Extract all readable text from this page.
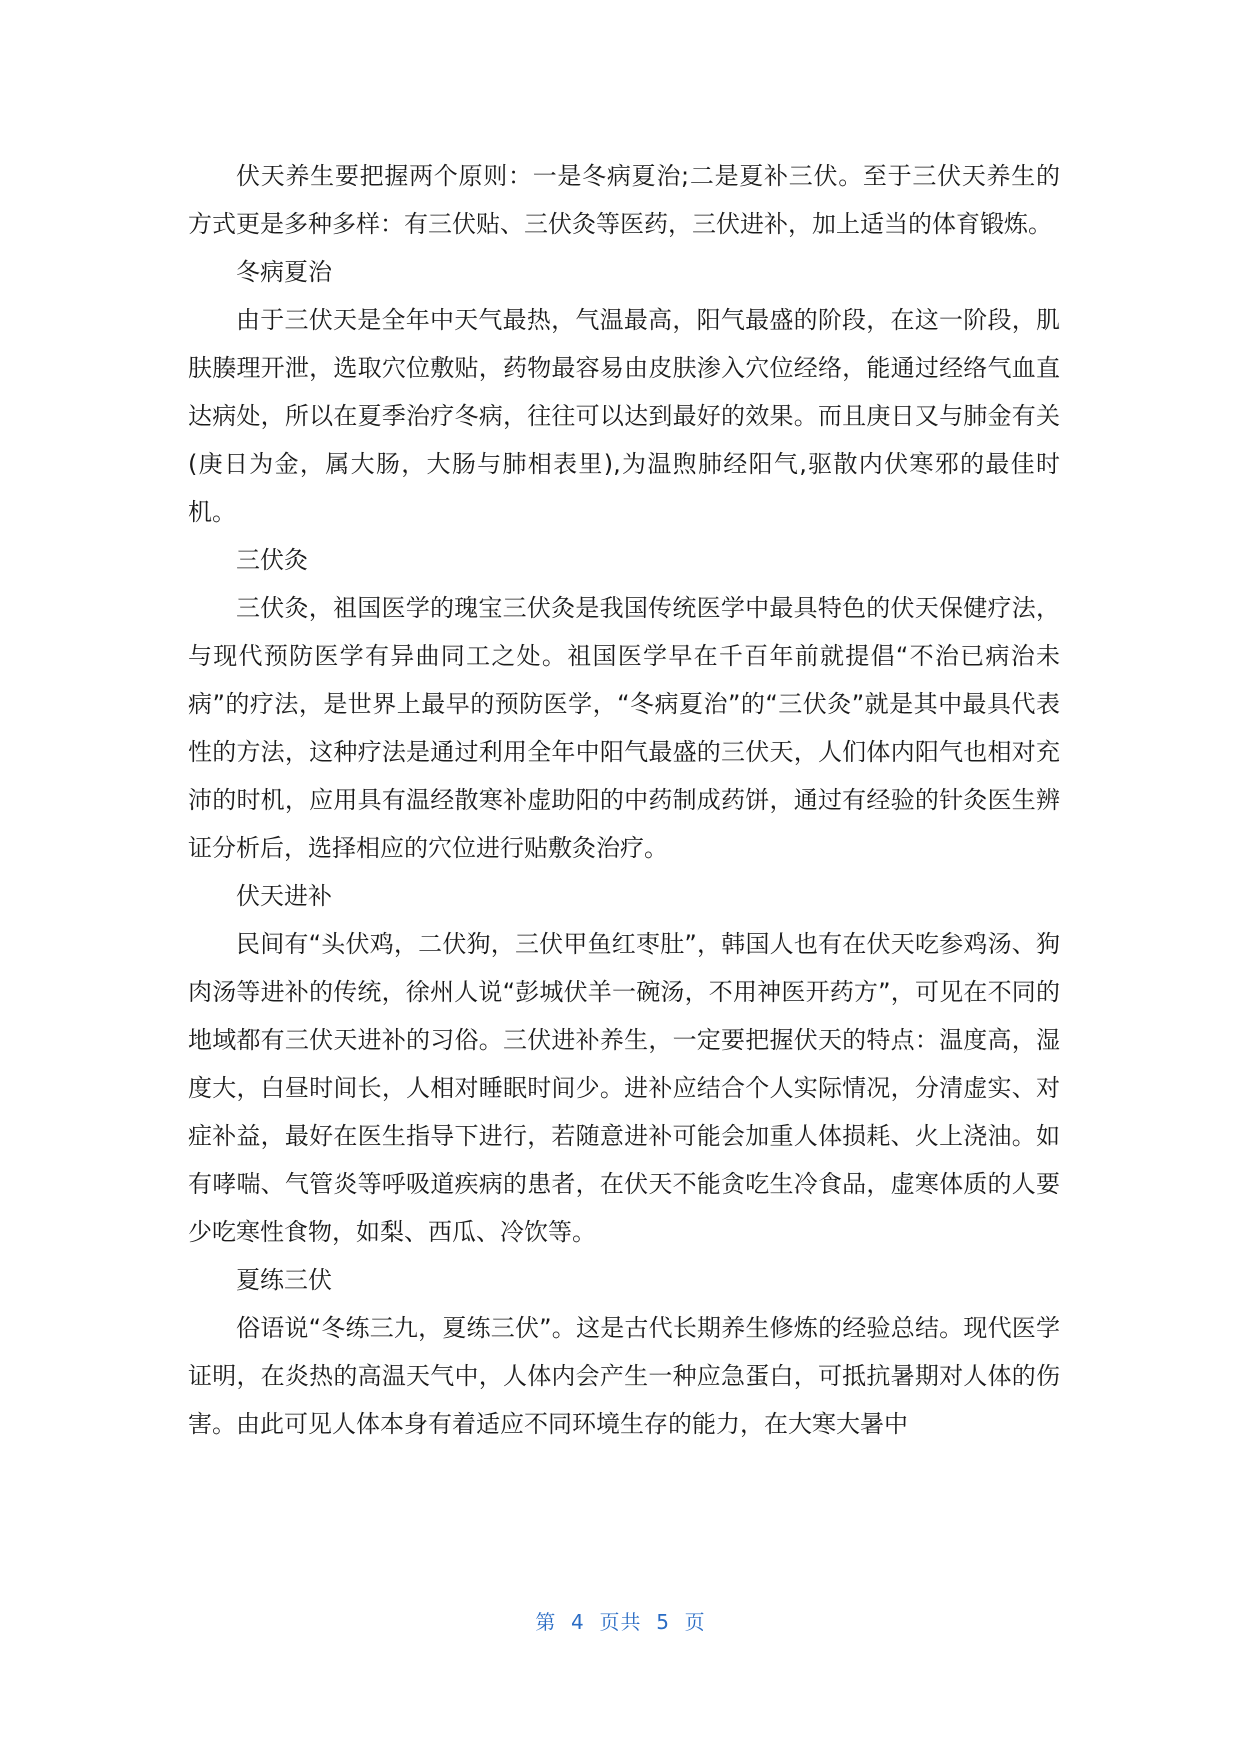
伏天养生要把握两个原则：一是冬病夏治;二是夏补三伏。至于三伏天养生的方式更是多种多样：有三伏贴、三伏灸等医药，三伏进补，加上适当的体育锻炼。

冬病夏治

由于三伏天是全年中天气最热，气温最高，阳气最盛的阶段，在这一阶段，肌肤腠理开泄，选取穴位敷贴，药物最容易由皮肤渗入穴位经络，能通过经络气血直达病处，所以在夏季治疗冬病，往往可以达到最好的效果。而且庚日又与肺金有关(庚日为金，属大肠，大肠与肺相表里),为温煦肺经阳气,驱散内伏寒邪的最佳时机。

三伏灸

三伏灸，祖国医学的瑰宝三伏灸是我国传统医学中最具特色的伏天保健疗法，与现代预防医学有异曲同工之处。祖国医学早在千百年前就提倡“不治已病治未病”的疗法，是世界上最早的预防医学，“冬病夏治”的“三伏灸”就是其中最具代表性的方法，这种疗法是通过利用全年中阳气最盛的三伏天，人们体内阳气也相对充沛的时机，应用具有温经散寒补虚助阳的中药制成药饼，通过有经验的针灸医生辨证分析后，选择相应的穴位进行贴敷灸治疗。

伏天进补

民间有“头伏鸡，二伏狗，三伏甲鱼红枣肚”，韩国人也有在伏天吃参鸡汤、狗肉汤等进补的传统，徐州人说“彭城伏羊一碗汤，不用神医开药方”，可见在不同的地域都有三伏天进补的习俗。三伏进补养生，一定要把握伏天的特点：温度高，湿度大，白昼时间长，人相对睡眠时间少。进补应结合个人实际情况，分清虚实、对症补益，最好在医生指导下进行，若随意进补可能会加重人体损耗、火上浇油。如有哮喘、气管炎等呼吸道疾病的患者，在伏天不能贪吃生冷食品，虚寒体质的人要少吃寒性食物，如梨、西瓜、冷饮等。

夏练三伏

俗语说“冬练三九，夏练三伏”。这是古代长期养生修炼的经验总结。现代医学证明，在炎热的高温天气中，人体内会产生一种应急蛋白，可抵抗暑期对人体的伤害。由此可见人体本身有着适应不同环境生存的能力，在大寒大暑中

第 4 页共 5 页
